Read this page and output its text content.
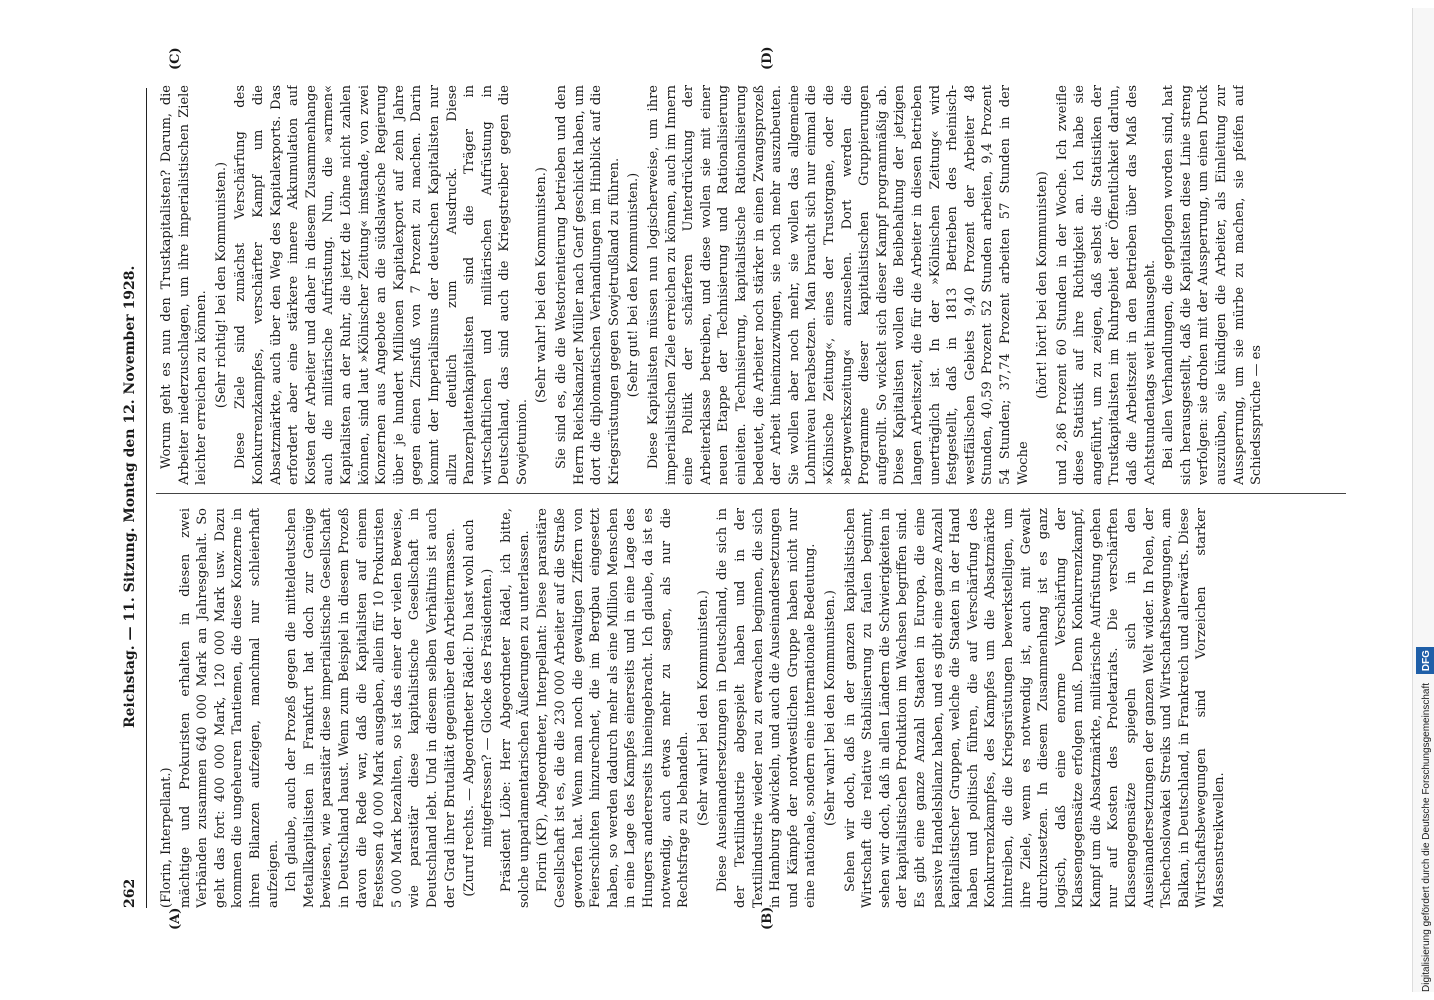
262
Reichstag. — 11. Sitzung. Montag den 12. November 1928.
(A)	(B)
(C)	(D)

(Florin, Interpellant.) mächtige und Prokuristen erhalten in diesen zwei Verbänden zusammen 640 000 Mark an Jahresgehalt. So geht das fort: 400 000 Mark, 120 000 Mark usw. Dazu kommen die ungeheuren Tantiemen, die diese Konzerne in ihren Bilanzen aufzeigen, manchmal nur schleierhaft aufzeigen. Ich glaube, auch der Prozeß gegen die mitteldeutschen Metallkapitalisten in Frankfurt hat doch zur Genüge bewiesen, wie parasitär diese imperialistische Gesellschaft in Deutschland haust. Wenn zum Beispiel in diesem Prozeß davon die Rede war, daß die Kapitalisten auf einem Festessen 40 000 Mark ausgaben, allein für 10 Prokuristen 5 000 Mark bezahlten, so ist das einer der vielen Beweise, wie parasitär diese kapitalistische Gesellschaft in Deutschland lebt. Und in diesem selben Verhältnis ist auch der Grad ihrer Brutalität gegenüber den Arbeitermassen. (Zuruf rechts. — Abgeordneter Rädel: Du hast wohl auch mitgefressen? — Glocke des Präsidenten.) Präsident Löbe: Herr Abgeordneter Rädel, ich bitte, solche unparlamentarischen Äußerungen zu unterlassen. Florin (KP), Abgeordneter, Interpellant: Diese parasitäre Gesellschaft ist es, die die 230 000 Arbeiter auf die Straße geworfen hat. Wenn man noch die gewaltigen Ziffern von Feierschichten hinzurechnet, die im Bergbau eingesetzt haben, so werden dadurch mehr als eine Million Menschen in eine Lage des Kampfes einerseits und in eine Lage des Hungers andererseits hineingebracht. Ich glaube, da ist es notwendig, auch etwas mehr zu sagen, als nur die Rechtsfrage zu behandeln. (Sehr wahr! bei den Kommunisten.) Diese Auseinandersetzungen in Deutschland, die sich in der Textilindustrie abgespielt haben und in der Textilindustrie wieder neu zu erwachen beginnen, die sich in Hamburg abwickeln, und auch die Auseinandersetzungen und Kämpfe der nordwestlichen Gruppe haben nicht nur eine nationale, sondern eine internationale Bedeutung. (Sehr wahr! bei den Kommunisten.) Sehen wir doch, daß in der ganzen kapitalistischen Wirtschaft die relative Stabilisierung zu faulen beginnt, sehen wir doch, daß in allen Ländern die Schwierigkeiten in der kapitalistischen Produktion im Wachsen begriffen sind. Es gibt eine ganze Anzahl Staaten in Europa, die eine passive Handelsbilanz haben, und es gibt eine ganze Anzahl kapitalistischer Gruppen, welche die Staaten in der Hand haben und politisch führen, die auf Verschärfung des Konkurrenzkampfes, des Kampfes um die Absatzmärkte hintreiben, die die Kriegsrüstungen bewerkstelligen, um ihre Ziele, wenn es notwendig ist, auch mit Gewalt durchzusetzen. In diesem Zusammenhang ist es ganz logisch, daß eine enorme Verschärfung der Klassengegensätze erfolgen muß. Denn Konkurrenzkampf, Kampf um die Absatzmärkte, militärische Aufrüstung gehen nur auf Kosten des Proletariats. Die verschärften Klassengegensätze spiegeln sich in den Auseinandersetzungen der ganzen Welt wider. In Polen, der Tschechoslowakei Streiks und Wirtschaftsbewegungen, am Balkan, in Deutschland, in Frankreich und allerwärts. Diese Wirtschaftsbewegungen sind Vorzeichen starker Massenstreikwellen.

Worum geht es nun den Trustkapitalisten? Darum, die Arbeiter niederzuschlagen, um ihre imperialistischen Ziele leichter erreichen zu können. (Sehr richtig! bei den Kommunisten.) Diese Ziele sind zunächst Verschärfung des Konkurrenzkampfes, verschärfter Kampf um die Absatzmärkte, auch über den Weg des Kapitalexports. Das erfordert aber eine stärkere innere Akkumulation auf Kosten der Arbeiter und daher in diesem Zusammenhange auch die militärische Aufrüstung. Nun, die »armen« Kapitalisten an der Ruhr, die jetzt die Löhne nicht zahlen können, sind laut »Kölnischer Zeitung« imstande, von zwei Konzernen aus Angebote an die südslawische Regierung über je hundert Millionen Kapitalexport auf zehn Jahre gegen einen Zinsfuß von 7 Prozent zu machen. Darin kommt der Imperialismus der deutschen Kapitalisten nur allzu deutlich zum Ausdruck. Diese Panzerplattenkapitalisten sind die Träger in wirtschaftlichen und militärischen Aufrüstung in Deutschland, das sind auch die Kriegstreiber gegen die Sowjetunion.

(Sehr wahr! bei den Kommunisten.) Sie sind es, die die Westorientierung betrieben und den Herrn Reichskanzler Müller nach Genf geschickt haben, um dort die diplomatischen Verhandlungen im Hinblick auf die Kriegsrüstungen gegen Sowjetrußland zu führen. (Sehr gut! bei den Kommunisten.) Diese Kapitalisten müssen nun logischerweise, um ihre imperialistischen Ziele erreichen zu können, auch im Innern eine Politik der schärferen Unterdrückung der Arbeiterklasse betreiben, und diese wollen sie mit einer neuen Etappe der Technisierung und Rationalisierung einleiten. Technisierung, kapitalistische Rationalisierung bedeutet, die Arbeiter noch stärker in einen Zwangsprozeß der Arbeit hineinzuzwingen, sie noch mehr auszubeuten. Sie wollen aber noch mehr, sie wollen das allgemeine Lohnniveau herabsetzen. Man braucht sich nur einmal die »Kölnische Zeitung«, eines der Trustorgane, oder die »Bergwerkszeitung« anzusehen. Dort werden die Programme dieser kapitalistischen Gruppierungen aufgerollt. So wickelt sich dieser Kampf programmäßig ab. Diese Kapitalisten wollen die Beibehaltung der jetzigen langen Arbeitszeit, die für die Arbeiter in diesen Betrieben unerträglich ist. In der »Kölnischen Zeitung« wird festgestellt, daß in 1813 Betrieben des rheinisch-westfälischen Gebiets 9,40 Prozent der Arbeiter 48 Stunden, 40,59 Prozent 52 Stunden arbeiten, 9,4 Prozent 54 Stunden; 37,74 Prozent arbeiten 57 Stunden in der Woche

(hört! hört! bei den Kommunisten) und 2,86 Prozent 60 Stunden in der Woche. Ich zweifle diese Statistik auf ihre Richtigkeit an. Ich habe sie angeführt, um zu zeigen, daß selbst die Statistiken der Trustkapitalisten im Ruhrgebiet der Öffentlichkeit darlun, daß die Arbeitszeit in den Betrieben über das Maß des Achtstundentags weit hinausgeht. Bei allen Verhandlungen, die gepflogen worden sind, hat sich herausgestellt, daß die Kapitalisten diese Linie streng verfolgen: sie drohen mit der Aussperrung, um einen Druck auszuüben, sie kündigen die Arbeiter, als Einleitung zur Aussperrung, um sie mürbe zu machen, sie pfeifen auf Schiedssprüche — es

Digitalisierung gefördert durch die Deutsche Forschungsgemeinschaft DFG
